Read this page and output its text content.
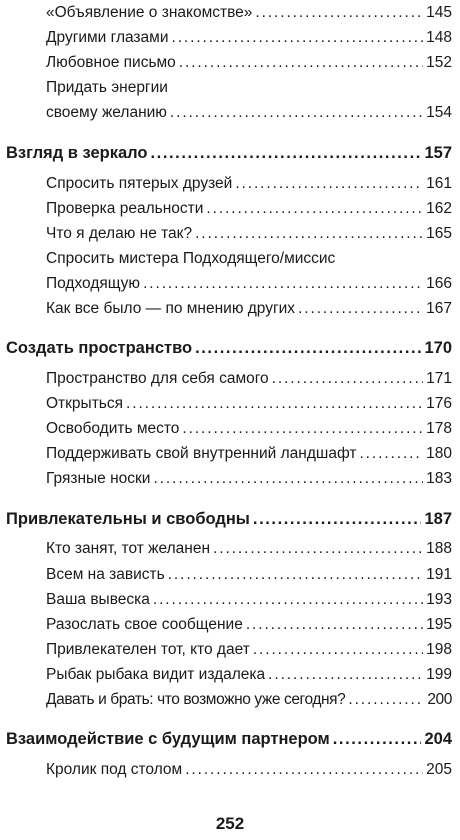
«Объявление о знакомстве» . . .	145
Другими глазами . . .	148
Любовное письмо . . .	152
Придать энергии
своему желанию . . .	154
Взгляд в зеркало . . .	157
Спросить пятерых друзей . . .	161
Проверка реальности . . .	162
Что я делаю не так? . . .	165
Спросить мистера Подходящего/миссис
Подходящую . . .	166
Как все было — по мнению других . . .	167
Создать пространство . . .	170
Пространство для себя самого . . .	171
Открыться . . .	176
Освободить место . . .	178
Поддерживать свой внутренний ландшафт . . .	180
Грязные носки . . .	183
Привлекательны и свободны . . .	187
Кто занят, тот желанен . . .	188
Всем на зависть . . .	191
Ваша вывеска . . .	193
Разослать свое сообщение . . .	195
Привлекателен тот, кто дает . . .	198
Рыбак рыбака видит издалека . . .	199
Давать и брать: что возможно уже сегодня? . . .	200
Взаимодействие с будущим партнером . . .	204
Кролик под столом . . .	205
252
